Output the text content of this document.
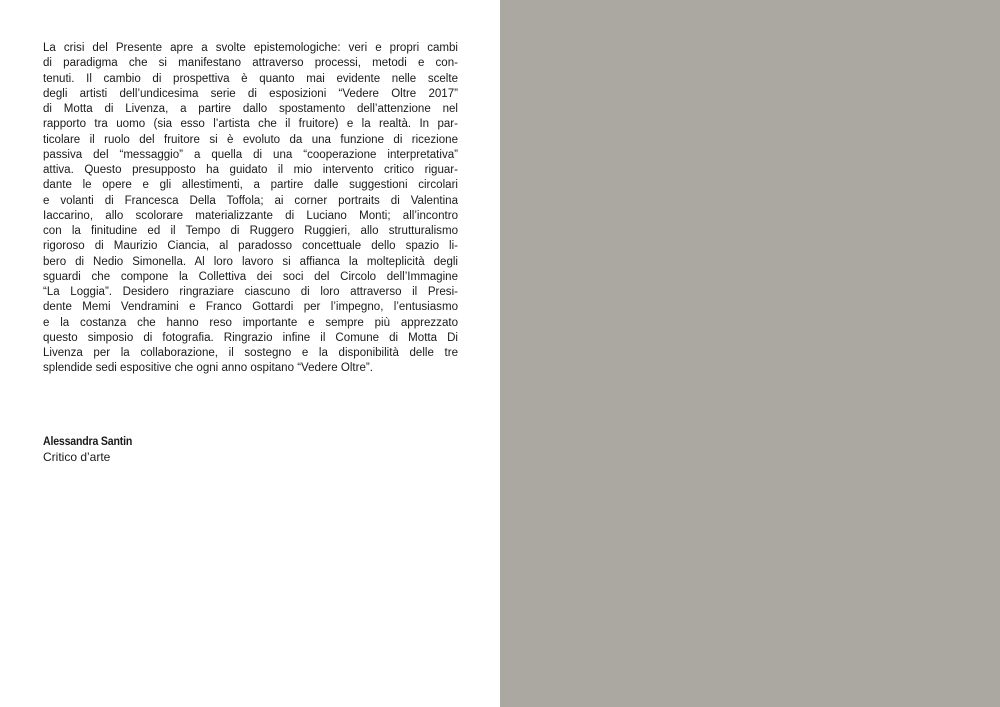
La crisi del Presente apre a svolte epistemologiche: veri e propri cambi
di paradigma che si manifestano attraverso processi, metodi e con-
tenuti. Il cambio di prospettiva è quanto mai evidente nelle scelte
degli artisti dell’undicesima serie di esposizioni “Vedere Oltre 2017”
di Motta di Livenza, a partire dallo spostamento dell’attenzione nel
rapporto tra uomo (sia esso l’artista che il fruitore) e la realtà. In par-
ticolare il ruolo del fruitore si è evoluto da una funzione di ricezione
passiva del “messaggio” a quella di una “cooperazione interpretativa”
attiva. Questo presupposto ha guidato il mio intervento critico riguar-
dante le opere e gli allestimenti, a partire dalle suggestioni circolari
e volanti di Francesca Della Toffola; ai corner portraits di Valentina
Iaccarino, allo scolorare materializzante di Luciano Monti; all’incontro
con la finitudine ed il Tempo di Ruggero Ruggieri, allo strutturalismo
rigoroso di Maurizio Ciancia, al paradosso concettuale dello spazio li-
bero di Nedio Simonella. Al loro lavoro si affianca la molteplicità degli
sguardi che compone la Collettiva dei soci del Circolo dell’Immagine
“La Loggia”. Desidero ringraziare ciascuno di loro attraverso il Presi-
dente Memi Vendramini e Franco Gottardi per l’impegno, l’entusiasmo
e la costanza che hanno reso importante e sempre più apprezzato
questo simposio di fotografia. Ringrazio infine il Comune di Motta Di
Livenza per la collaborazione, il sostegno e la disponibilità delle tre
splendide sedi espositive che ogni anno ospitano “Vedere Oltre”.
Alessandra Santin
Critico d’arte
